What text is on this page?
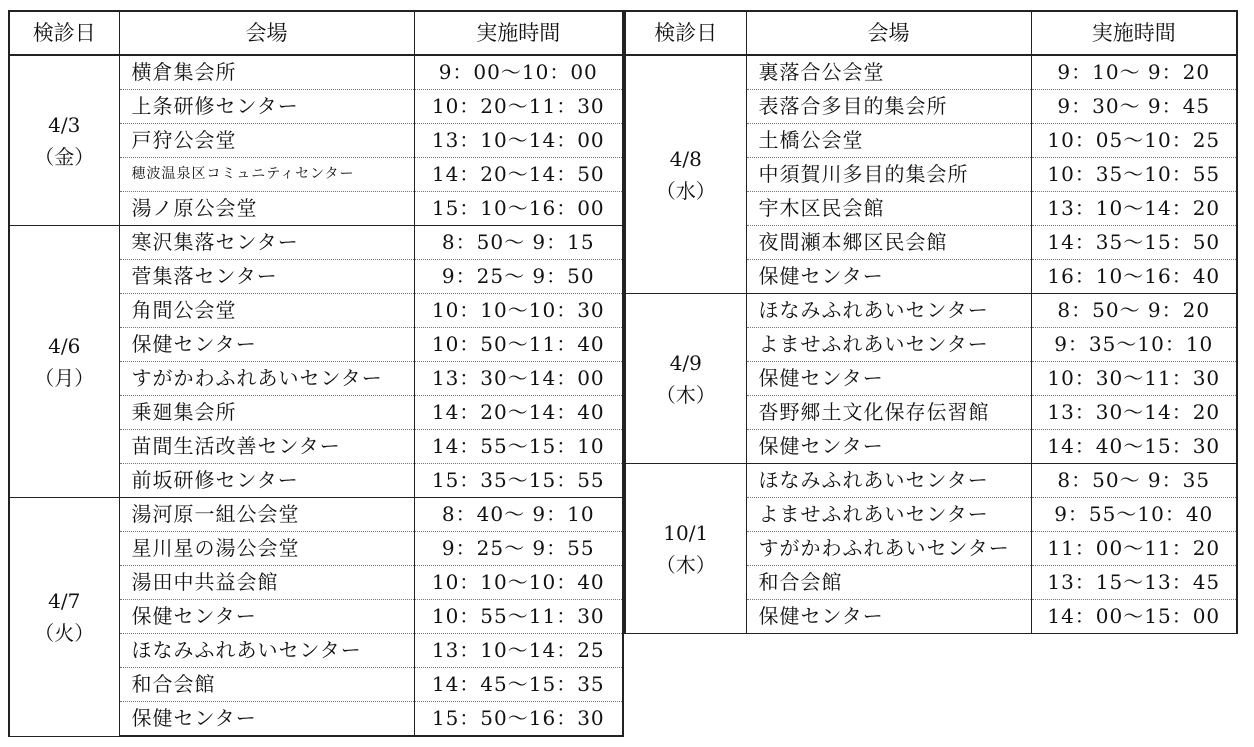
検診日	会場	実施時間

4/3
（金）	横倉集会所	9：00〜10：00
	上条研修センター	10：20〜11：30
	戸狩公会堂	13：10〜14：00
	穂波温泉区コミュニティセンター	14：20〜14：50
	湯ノ原公会堂	15：10〜16：00

4/6
（月）	寒沢集落センター	8：50〜 9：15
	菅集落センター	9：25〜 9：50
	角間公会堂	10：10〜10：30
	保健センター	10：50〜11：40
	すがかわふれあいセンター	13：30〜14：00
	乗廻集会所	14：20〜14：40
	苗間生活改善センター	14：55〜15：10
	前坂研修センター	15：35〜15：55

4/7
（火）	湯河原一組公会堂	8：40〜 9：10
	星川星の湯公会堂	9：25〜 9：55
	湯田中共益会館	10：10〜10：40
	保健センター	10：55〜11：30
	ほなみふれあいセンター	13：10〜14：25
	和合会館	14：45〜15：35
	保健センター	15：50〜16：30
検診日	会場	実施時間

4/8
（水）	裏落合公会堂	9：10〜 9：20
	表落合多目的集会所	9：30〜 9：45
	土橋公会堂	10：05〜10：25
	中須賀川多目的集会所	10：35〜10：55
	宇木区民会館	13：10〜14：20
	夜間瀬本郷区民会館	14：35〜15：50
	保健センター	16：10〜16：40

4/9
（木）	ほなみふれあいセンター	8：50〜 9：20
	よませふれあいセンター	9：35〜10：10
	保健センター	10：30〜11：30
	沓野郷土文化保存伝習館	13：30〜14：20
	保健センター	14：40〜15：30

10/1
（木）	ほなみふれあいセンター	8：50〜 9：35
	よませふれあいセンター	9：55〜10：40
	すがかわふれあいセンター	11：00〜11：20
	和合会館	13：15〜13：45
	保健センター	14：00〜15：00
